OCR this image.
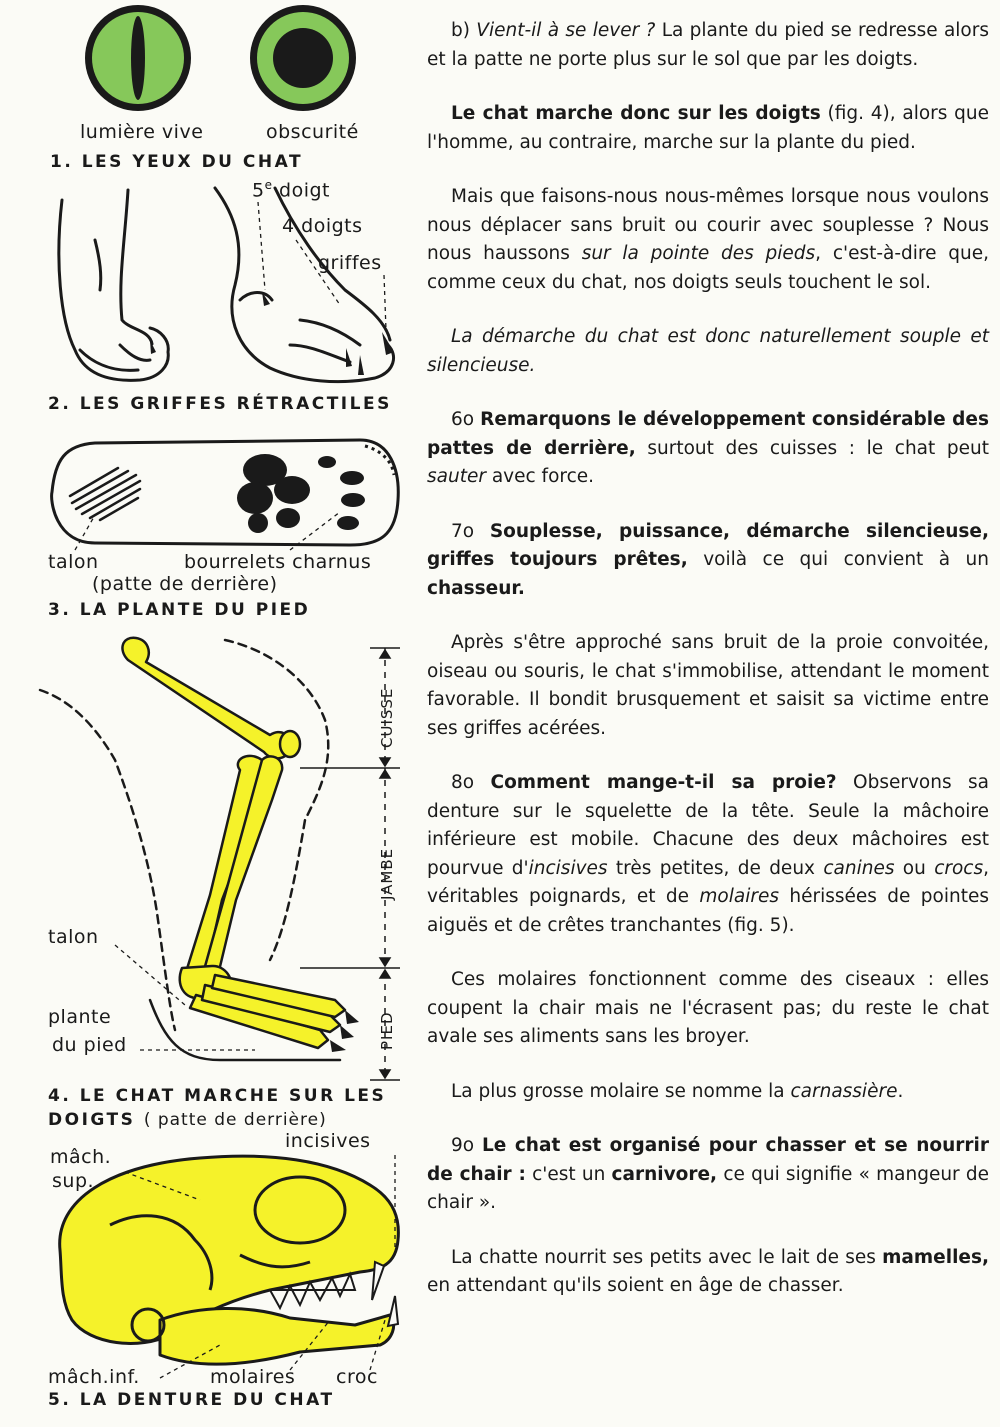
lumière vive	obscurité
1. LES YEUX DU CHAT
5e doigt
4 doigts
griffes
2. LES GRIFFES RÉTRACTILES
talon	bourrelets charnus
(patte de derrière)
3. LA PLANTE DU PIED
CUISSE
JAMBE
PIED
talon
plante
du pied
4. LE CHAT MARCHE SUR LES
DOIGTS ( patte de derrière)
incisives
mâch.
sup.
mâch.inf.	molaires croc
5. LA DENTURE DU CHAT

b) Vient-il à se lever ? La plante du pied se redresse alors et la patte ne porte plus sur le sol que par les doigts.

Le chat marche donc sur les doigts (fig. 4), alors que l'homme, au contraire, marche sur la plante du pied.

Mais que faisons-nous nous-mêmes lorsque nous voulons nous déplacer sans bruit ou courir avec souplesse ? Nous nous haussons sur la pointe des pieds, c'est-à-dire que, comme ceux du chat, nos doigts seuls touchent le sol.

La démarche du chat est donc naturellement souple et silencieuse.

6o Remarquons le développement considérable des pattes de derrière, surtout des cuisses : le chat peut sauter avec force.

7o Souplesse, puissance, démarche silencieuse, griffes toujours prêtes, voilà ce qui convient à un chasseur.

Après s'être approché sans bruit de la proie convoitée, oiseau ou souris, le chat s'immobilise, attendant le moment favorable. Il bondit brusquement et saisit sa victime entre ses griffes acérées.

8o Comment mange-t-il sa proie? Observons sa denture sur le squelette de la tête. Seule la mâchoire inférieure est mobile. Chacune des deux mâchoires est pourvue d'incisives très petites, de deux canines ou crocs, véritables poignards, et de molaires hérissées de pointes aiguës et de crêtes tranchantes (fig. 5).

Ces molaires fonctionnent comme des ciseaux : elles coupent la chair mais ne l'écrasent pas; du reste le chat avale ses aliments sans les broyer.

La plus grosse molaire se nomme la carnassière.

9o Le chat est organisé pour chasser et se nourrir de chair : c'est un carnivore, ce qui signifie « mangeur de chair ».

La chatte nourrit ses petits avec le lait de ses mamelles, en attendant qu'ils soient en âge de chasser.
